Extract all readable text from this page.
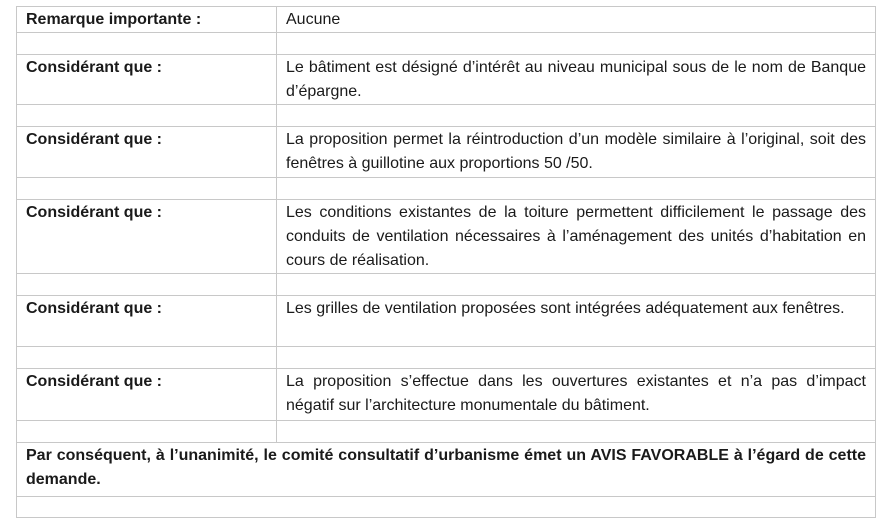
Remarque importante :	Aucune

Considérant que :	Le bâtiment est désigné d’intérêt au niveau municipal sous de le nom de Banque d’épargne.

Considérant que :	La proposition permet la réintroduction d’un modèle similaire à l’original, soit des fenêtres à guillotine aux proportions 50 /50.

Considérant que :	Les conditions existantes de la toiture permettent difficilement le passage des conduits de ventilation nécessaires à l’aménagement des unités d’habitation en cours de réalisation.

Considérant que :	Les grilles de ventilation proposées sont intégrées adéquatement aux fenêtres.

Considérant que :	La proposition s’effectue dans les ouvertures existantes et n’a pas d’impact négatif sur l’architecture monumentale du bâtiment.

Par conséquent, à l’unanimité, le comité consultatif d’urbanisme émet un AVIS FAVORABLE à l’égard de cette demande.	
